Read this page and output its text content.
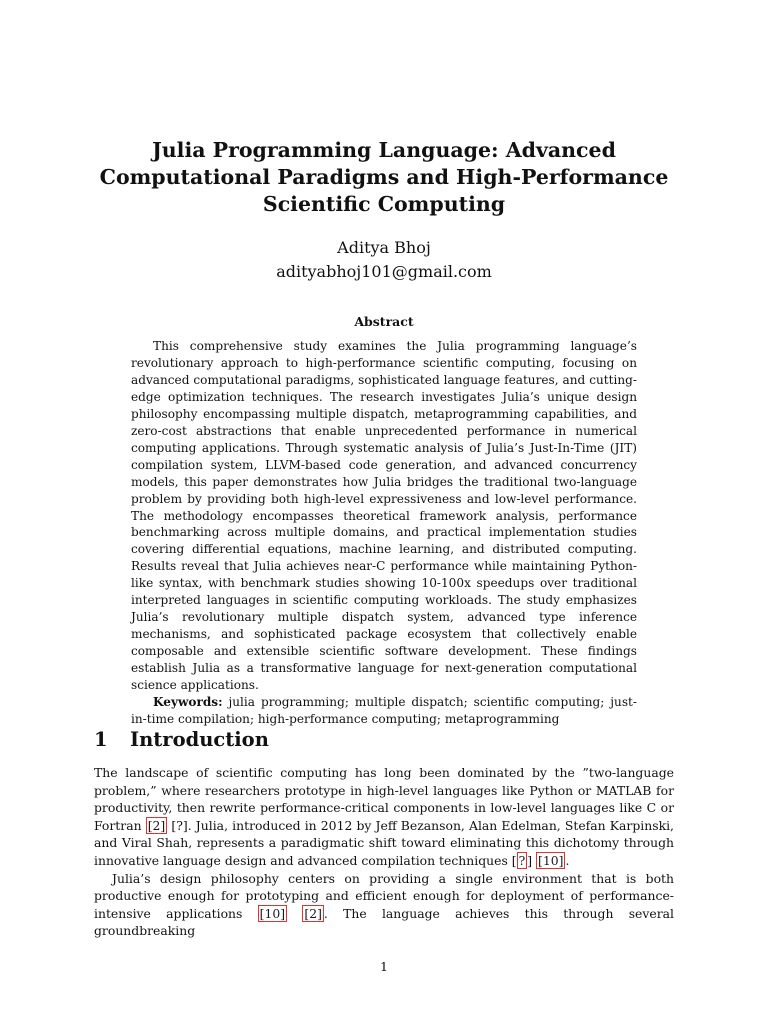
Julia Programming Language: Advanced
Computational Paradigms and High-Performance
Scientific Computing
Aditya Bhoj
adityabhoj101@gmail.com
Abstract

This comprehensive study examines the Julia programming language’s revolutionary approach to high-performance scientific computing, focusing on advanced computational paradigms, sophisticated language features, and cutting-edge optimization techniques. The research investigates Julia’s unique design philosophy encompassing multiple dispatch, metaprogramming capabilities, and zero-cost abstractions that enable unprecedented performance in numerical computing applications. Through systematic analysis of Julia’s Just-In-Time (JIT) compilation system, LLVM-based code generation, and advanced concurrency models, this paper demonstrates how Julia bridges the traditional two-language problem by providing both high-level expressiveness and low-level performance. The methodology encompasses theoretical framework analysis, performance benchmarking across multiple domains, and practical implementation studies covering differential equations, machine learning, and distributed computing. Results reveal that Julia achieves near-C performance while maintaining Python-like syntax, with benchmark studies showing 10-100x speedups over traditional interpreted languages in scientific computing workloads. The study emphasizes Julia’s revolutionary multiple dispatch system, advanced type inference mechanisms, and sophisticated package ecosystem that collectively enable composable and extensible scientific software development. These findings establish Julia as a transformative language for next-generation computational science applications.

Keywords: julia programming; multiple dispatch; scientific computing; just-in-time compilation; high-performance computing; metaprogramming

1 Introduction

The landscape of scientific computing has long been dominated by the ”two-language problem,” where researchers prototype in high-level languages like Python or MATLAB for productivity, then rewrite performance-critical components in low-level languages like C or Fortran [2] [?]. Julia, introduced in 2012 by Jeff Bezanson, Alan Edelman, Stefan Karpinski, and Viral Shah, represents a paradigmatic shift toward eliminating this dichotomy through innovative language design and advanced compilation techniques [ ? ] [10] .

Julia’s design philosophy centers on providing a single environment that is both productive enough for prototyping and efficient enough for deployment of performance-intensive applications [10] [2] . The language achieves this through several groundbreaking

1
